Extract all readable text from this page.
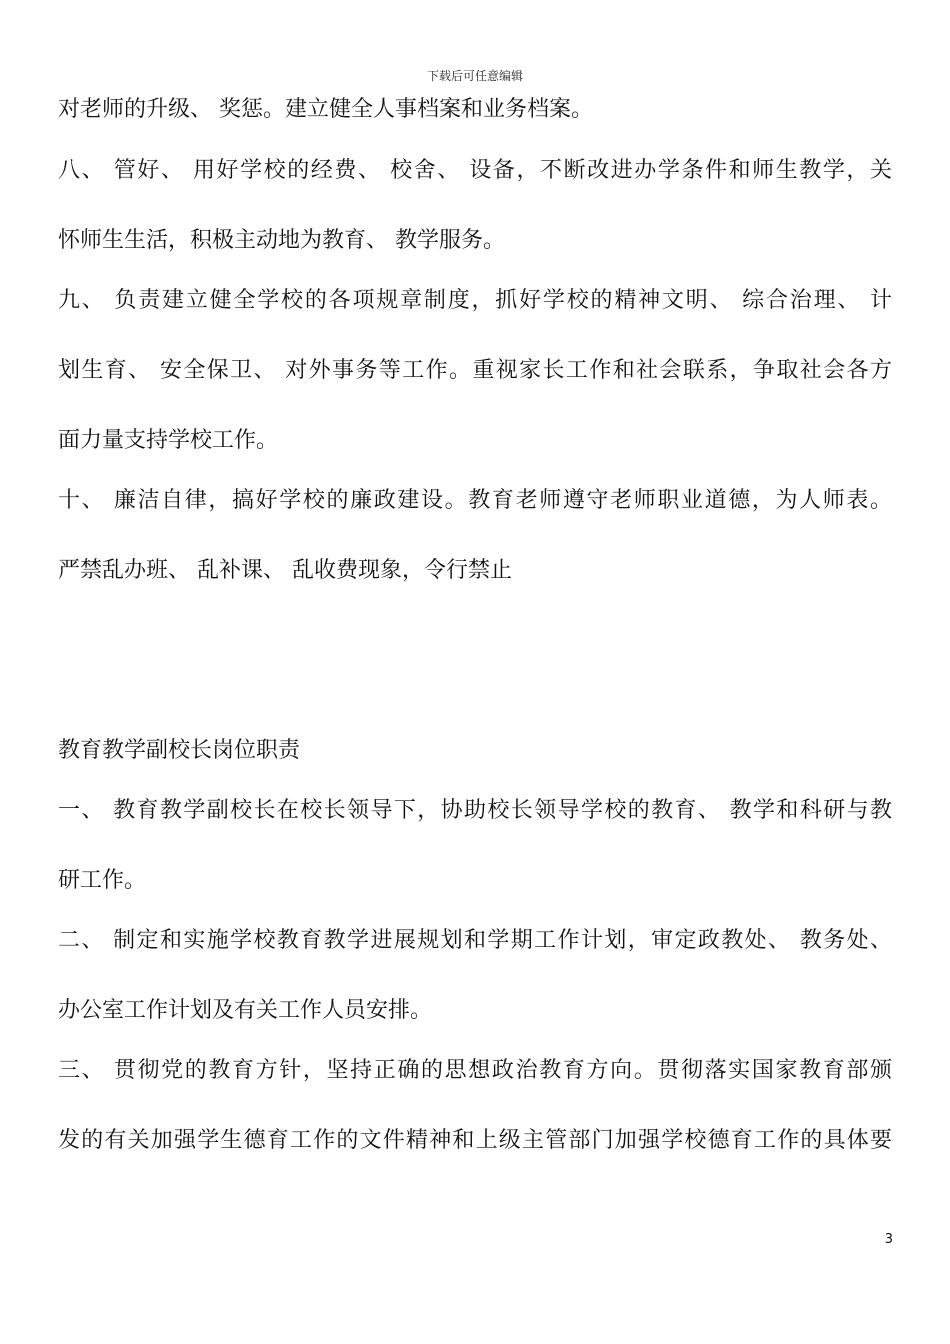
下载后可任意编辑
对老师的升级、 奖惩。建立健全人事档案和业务档案。
八、 管好、 用好学校的经费、 校舍、 设备，不断改进办学条件和师生教学，关
怀师生生活，积极主动地为教育、 教学服务。
九、 负责建立健全学校的各项规章制度，抓好学校的精神文明、 综合治理、 计
划生育、 安全保卫、 对外事务等工作。重视家长工作和社会联系，争取社会各方
面力量支持学校工作。
十、 廉洁自律，搞好学校的廉政建设。教育老师遵守老师职业道德，为人师表。
严禁乱办班、 乱补课、 乱收费现象，令行禁止
教育教学副校长岗位职责
一、 教育教学副校长在校长领导下，协助校长领导学校的教育、 教学和科研与教
研工作。
二、 制定和实施学校教育教学进展规划和学期工作计划，审定政教处、 教务处、
办公室工作计划及有关工作人员安排。
三、 贯彻党的教育方针，坚持正确的思想政治教育方向。贯彻落实国家教育部颁
发的有关加强学生德育工作的文件精神和上级主管部门加强学校德育工作的具体要
3
